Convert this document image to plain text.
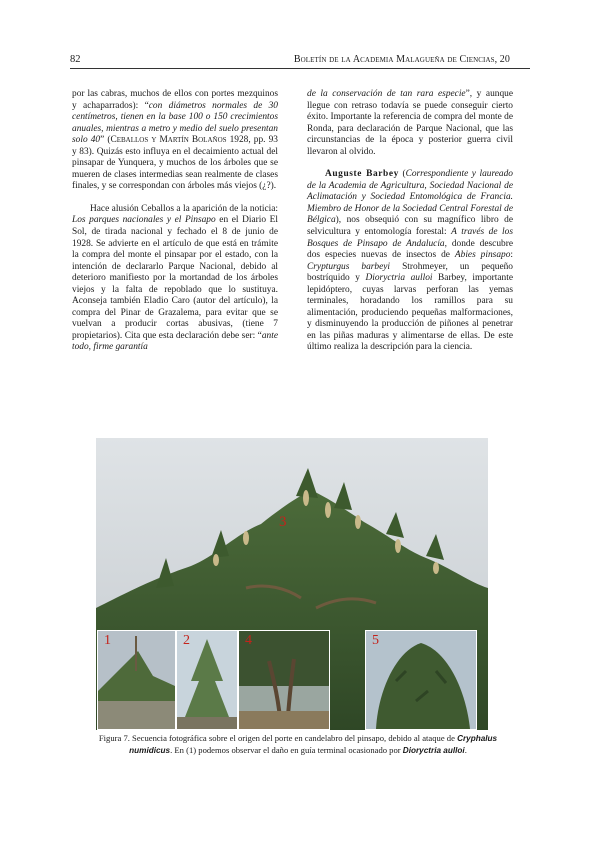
82	Boletín de la Academia Malagueña de Ciencias, 20

por las cabras, muchos de ellos con portes mezquinos y achaparrados): “con diámetros normales de 30 centímetros, tienen en la base 100 o 150 crecimientos anuales, mientras a metro y medio del suelo presentan solo 40” (Ceballos y Martín Bolaños 1928, pp. 93 y 83). Quizás esto influya en el decaimiento actual del pinsapar de Yunquera, y muchos de los árboles que se mueren de clases intermedias sean realmente de clases finales, y se correspondan con árboles más viejos (¿?).

Hace alusión Ceballos a la aparición de la noticia: Los parques nacionales y el Pinsapo en el Diario El Sol, de tirada nacional y fechado el 8 de junio de 1928. Se advierte en el artículo de que está en trámite la compra del monte el pinsapar por el estado, con la intención de declararlo Parque Nacional, debido al deterioro manifiesto por la mortandad de los árboles viejos y la falta de repoblado que lo sustituya. Aconseja también Eladio Caro (autor del artículo), la compra del Pinar de Grazalema, para evitar que se vuelvan a producir cortas abusivas, (tiene 7 propietarios). Cita que esta declaración debe ser: “ante todo, firme garantía

de la conservación de tan rara especie”, y aunque llegue con retraso todavía se puede conseguir cierto éxito. Importante la referencia de compra del monte de Ronda, para declaración de Parque Nacional, que las circunstancias de la época y posterior guerra civil llevaron al olvido.

Auguste Barbey (Correspondiente y laureado de la Academia de Agricultura, Sociedad Nacional de Aclimatación y Sociedad Entomológica de Francia. Miembro de Honor de la Sociedad Central Forestal de Bélgica), nos obsequió con su magnífico libro de selvicultura y entomología forestal: A través de los Bosques de Pinsapo de Andalucía, donde descubre dos especies nuevas de insectos de Abies pinsapo: Crypturgus barbeyi Strohmeyer, un pequeño bostríquido y Dioryctria aulloi Barbey, importante lepidóptero, cuyas larvas perforan las yemas terminales, horadando los ramillos para su alimentación, produciendo pequeñas malformaciones, y disminuyendo la producción de piñones al penetrar en las piñas maduras y alimentarse de ellas. De este último realiza la descripción para la ciencia.

3
1	2	4	5
Figura 7. Secuencia fotográfica sobre el origen del porte en candelabro del pinsapo, debido al ataque de Cryphalus numidicus. En (1) podemos observar el daño en guía terminal ocasionado por Dioryctria aulloi.
